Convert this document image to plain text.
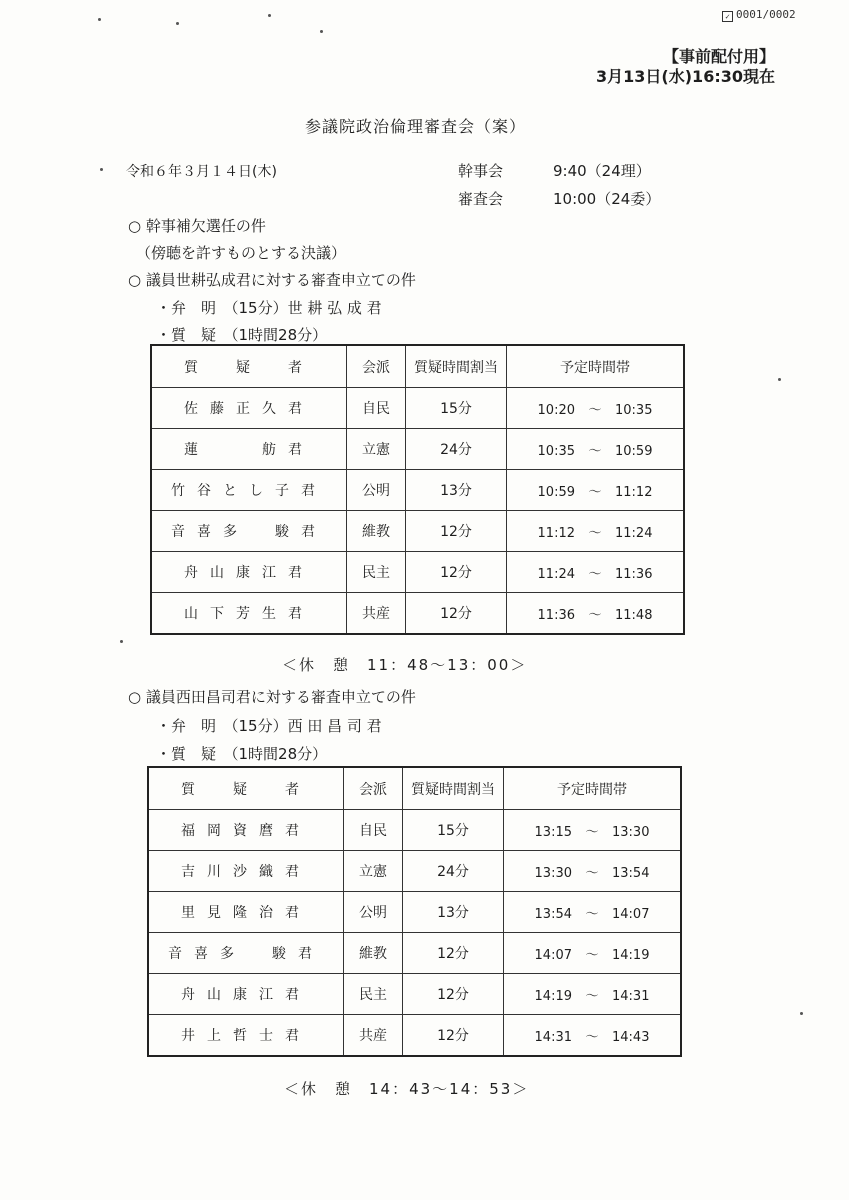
✓ 0001/0002
【事前配付用】
3月13日(水)16:30現在
参議院政治倫理審査会（案）
令和６年３月１４日(木)	幹事会	9:40（24理）
審査会	10:00（24委）
○ 幹事補欠選任の件
（傍聴を許すものとする決議）
○ 議員世耕弘成君に対する審査申立ての件
・弁　明　（15分）世 耕 弘 成 君
・質　疑　（1時間28分）
質　疑　者	会派	質疑時間割当	予定時間帯
佐藤正久君	自民	15分	10:20 ～ 10:35
蓮　　舫君	立憲	24分	10:35 ～ 10:59
竹谷とし子君	公明	13分	10:59 ～ 11:12
音喜多　駿君	維教	12分	11:12 ～ 11:24
舟山康江君	民主	12分	11:24 ～ 11:36
山下芳生君	共産	12分	11:36 ～ 11:48
＜休　憩　11：48～13：00＞
○ 議員西田昌司君に対する審査申立ての件
・弁　明　（15分）西 田 昌 司 君
・質　疑　（1時間28分）
質　疑　者	会派	質疑時間割当	予定時間帯
福岡資麿君	自民	15分	13:15 ～ 13:30
吉川沙織君	立憲	24分	13:30 ～ 13:54
里見隆治君	公明	13分	13:54 ～ 14:07
音喜多　駿君	維教	12分	14:07 ～ 14:19
舟山康江君	民主	12分	14:19 ～ 14:31
井上哲士君	共産	12分	14:31 ～ 14:43
＜休　憩　14：43～14：53＞
